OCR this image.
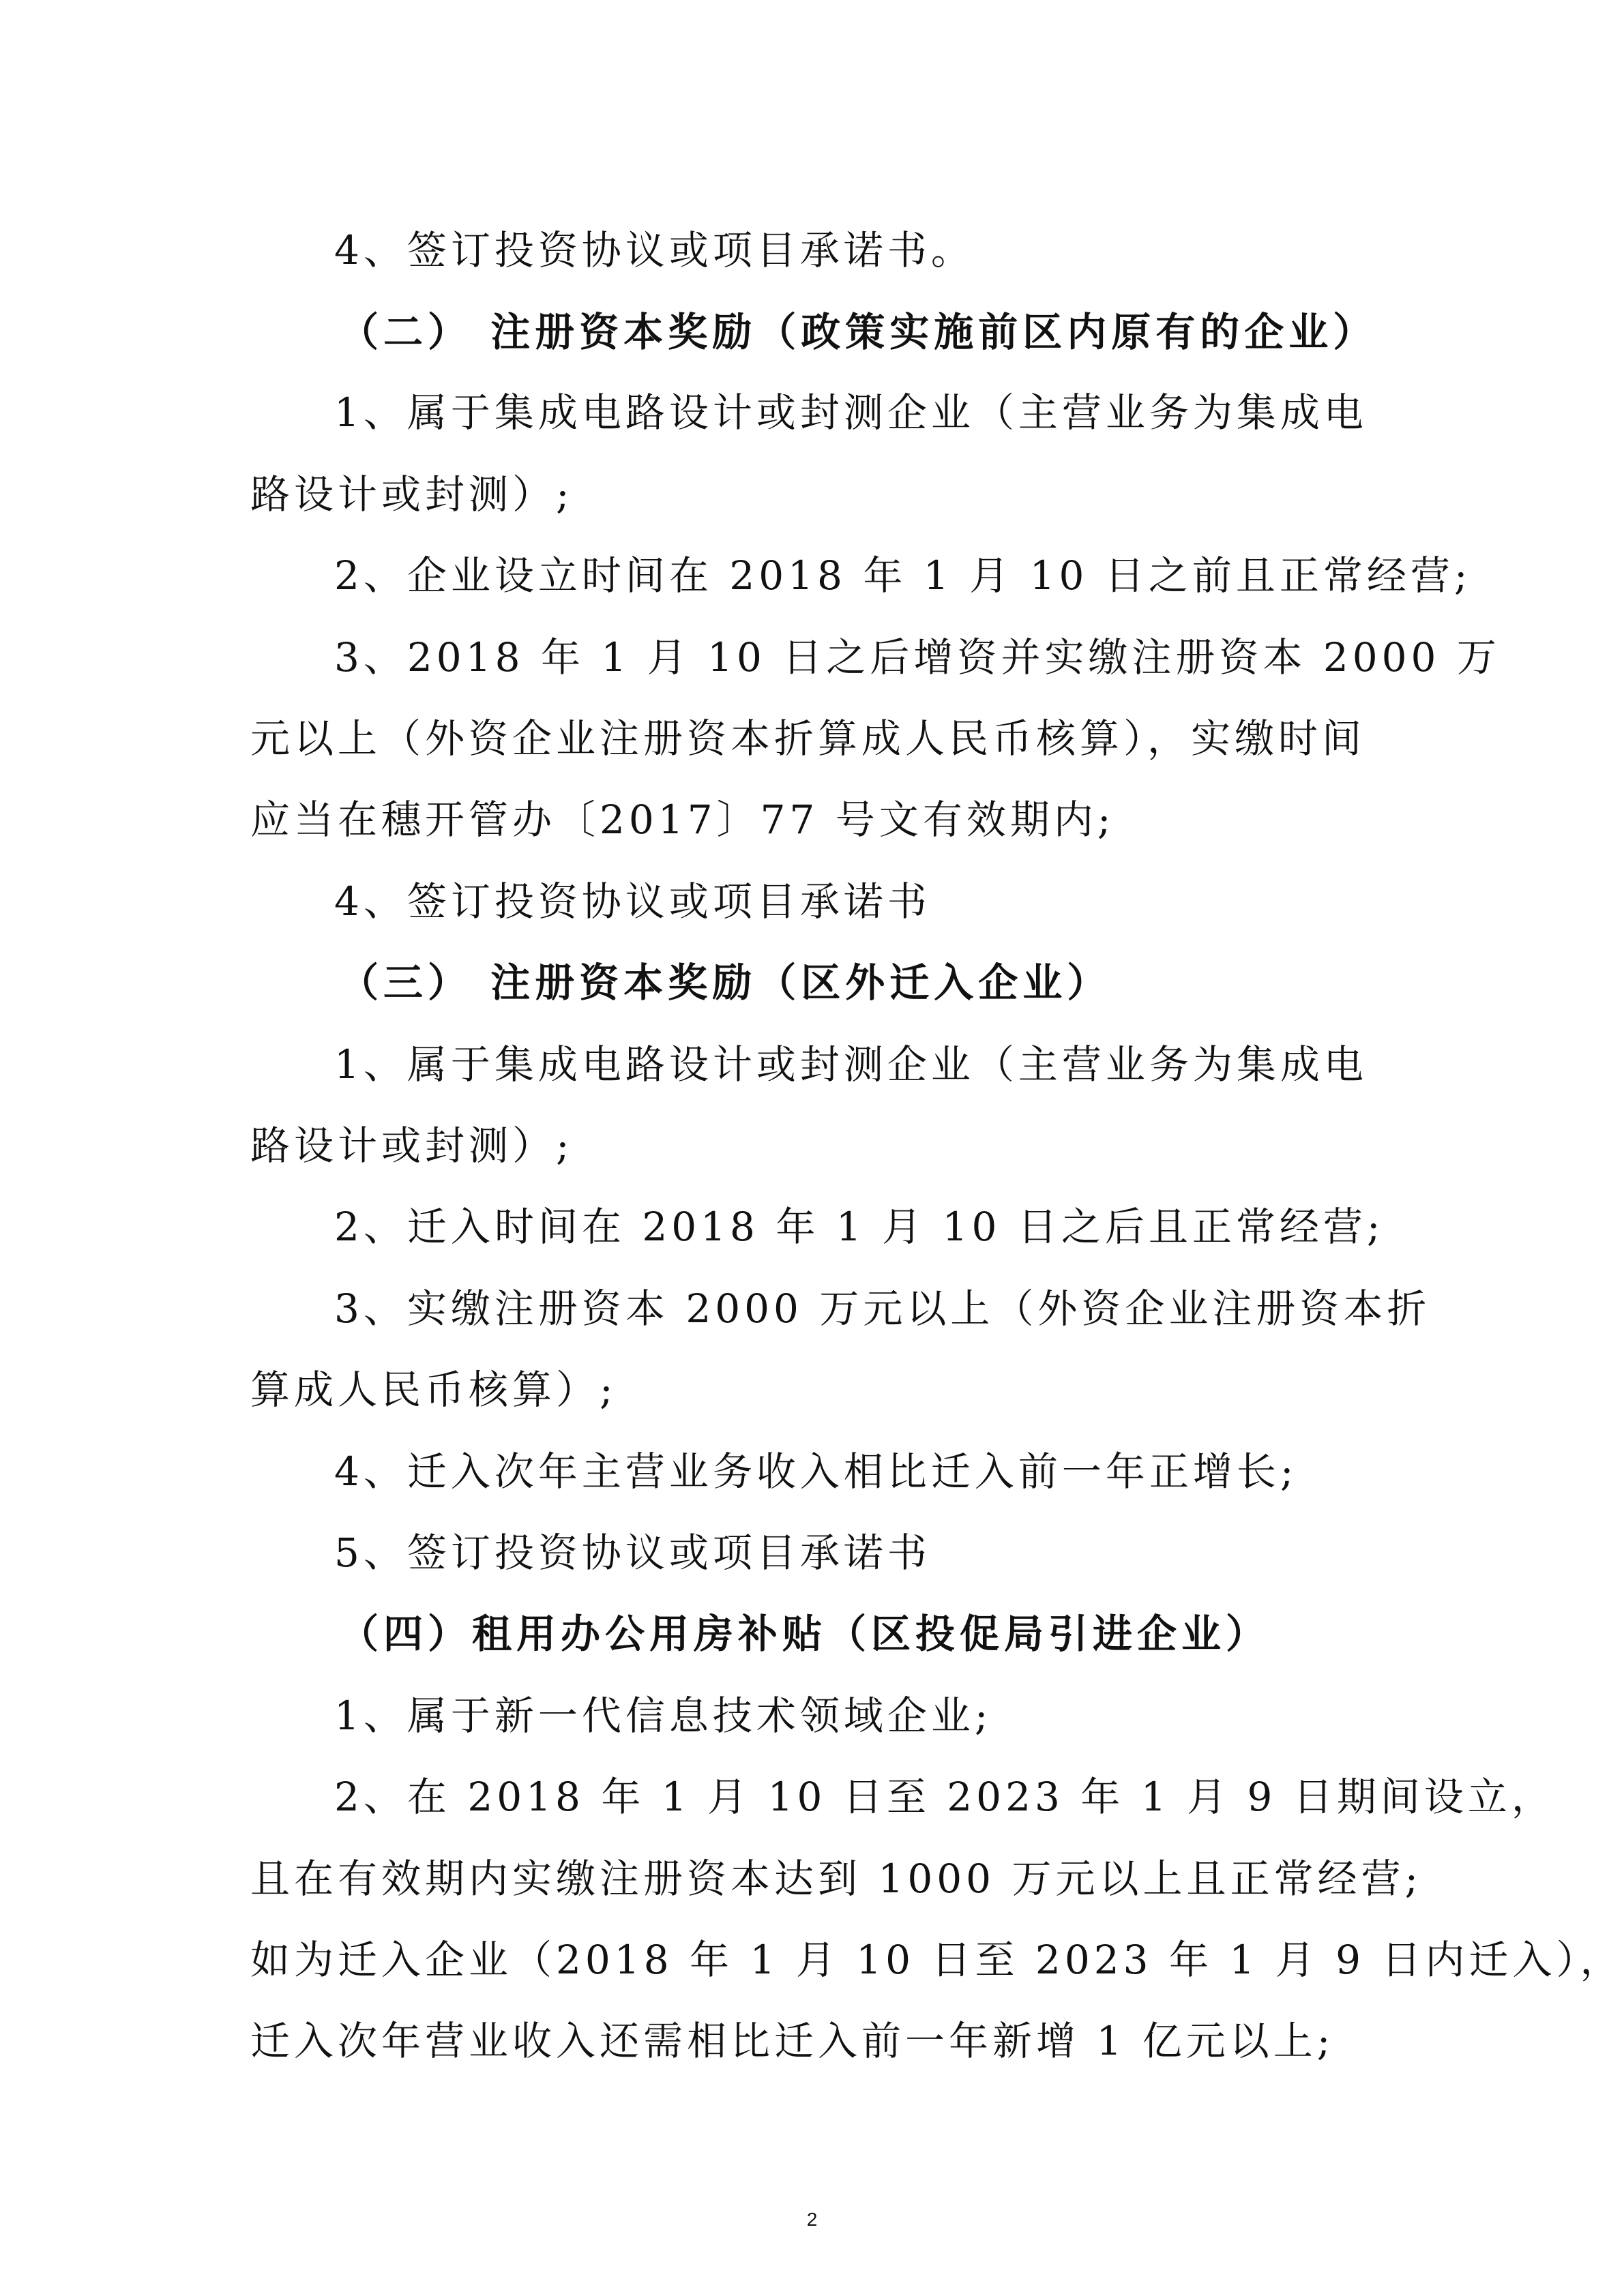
4、签订投资协议或项目承诺书。
（二） 注册资本奖励（政策实施前区内原有的企业）
1、属于集成电路设计或封测企业（主营业务为集成电
路设计或封测）;
2、企业设立时间在 2018 年 1 月 10 日之前且正常经营;
3、2018 年 1 月 10 日之后增资并实缴注册资本 2000 万
元以上（外资企业注册资本折算成人民币核算），实缴时间
应当在穗开管办〔2017〕77 号文有效期内;
4、签订投资协议或项目承诺书
（三） 注册资本奖励（区外迁入企业）
1、属于集成电路设计或封测企业（主营业务为集成电
路设计或封测）;
2、迁入时间在 2018 年 1 月 10 日之后且正常经营;
3、实缴注册资本 2000 万元以上（外资企业注册资本折
算成人民币核算）;
4、迁入次年主营业务收入相比迁入前一年正增长;
5、签订投资协议或项目承诺书
（四）租用办公用房补贴（区投促局引进企业）
1、属于新一代信息技术领域企业;
2、在 2018 年 1 月 10 日至 2023 年 1 月 9 日期间设立，
且在有效期内实缴注册资本达到 1000 万元以上且正常经营;
如为迁入企业（2018 年 1 月 10 日至 2023 年 1 月 9 日内迁入），
迁入次年营业收入还需相比迁入前一年新增 1 亿元以上;
2
